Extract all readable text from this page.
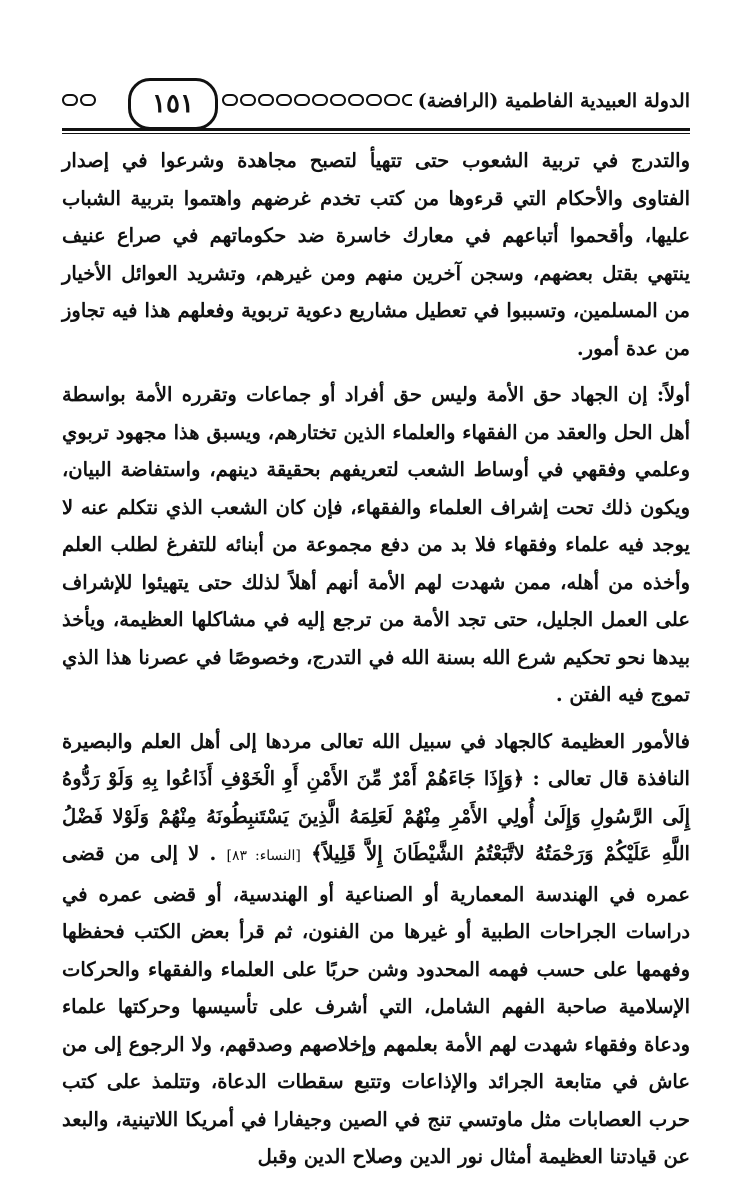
١٥١	الدولة العبيدية الفاطمية (الرافضة)

والتدرج في تربية الشعوب حتى تتهيأ لتصبح مجاهدة وشرعوا في إصدار الفتاوى والأحكام التي قرءوها من كتب تخدم غرضهم واهتموا بتربية الشباب عليها، وأقحموا أتباعهم في معارك خاسرة ضد حكوماتهم في صراع عنيف ينتهي بقتل بعضهم، وسجن آخرين منهم ومن غيرهم، وتشريد العوائل الأخيار من المسلمين، وتسببوا في تعطيل مشاريع دعوية تربوية وفعلهم هذا فيه تجاوز من عدة أمور.

أولاً: إن الجهاد حق الأمة وليس حق أفراد أو جماعات وتقرره الأمة بواسطة أهل الحل والعقد من الفقهاء والعلماء الذين تختارهم، ويسبق هذا مجهود تربوي وعلمي وفقهي في أوساط الشعب لتعريفهم بحقيقة دينهم، واستفاضة البيان، ويكون ذلك تحت إشراف العلماء والفقهاء، فإن كان الشعب الذي نتكلم عنه لا يوجد فيه علماء وفقهاء فلا بد من دفع مجموعة من أبنائه للتفرغ لطلب العلم وأخذه من أهله، ممن شهدت لهم الأمة أنهم أهلاً لذلك حتى يتهيئوا للإشراف على العمل الجليل، حتى تجد الأمة من ترجع إليه في مشاكلها العظيمة، ويأخذ بيدها نحو تحكيم شرع الله بسنة الله في التدرج، وخصوصًا في عصرنا هذا الذي تموج فيه الفتن .

فالأمور العظيمة كالجهاد في سبيل الله تعالى مردها إلى أهل العلم والبصيرة النافذة قال تعالى : ﴿وَإِذَا جَاءَهُمْ أَمْرٌ مِّنَ الأَمْنِ أَوِ الْخَوْفِ أَذَاعُوا بِهِ وَلَوْ رَدُّوهُ إِلَى الرَّسُولِ وَإِلَىٰ أُولِي الأَمْرِ مِنْهُمْ لَعَلِمَهُ الَّذِينَ يَسْتَنبِطُونَهُ مِنْهُمْ وَلَوْلا فَضْلُ اللَّهِ عَلَيْكُمْ وَرَحْمَتُهُ لاتَّبَعْتُمُ الشَّيْطَانَ إِلاَّ قَلِيلاً﴾ [النساء: ٨٣] . لا إلى من قضى عمره في الهندسة المعمارية أو الصناعية أو الهندسية، أو قضى عمره في دراسات الجراحات الطبية أو غيرها من الفنون، ثم قرأ بعض الكتب فحفظها وفهمها على حسب فهمه المحدود وشن حربًا على العلماء والفقهاء والحركات الإسلامية صاحبة الفهم الشامل، التي أشرف على تأسيسها وحركتها علماء ودعاة وفقهاء شهدت لهم الأمة بعلمهم وإخلاصهم وصدقهم، ولا الرجوع إلى من عاش في متابعة الجرائد والإذاعات وتتبع سقطات الدعاة، وتتلمذ على كتب حرب العصابات مثل ماوتسي تنج في الصين وجيفارا في أمريكا اللاتينية، والبعد عن قيادتنا العظيمة أمثال نور الدين وصلاح الدين وقبل
